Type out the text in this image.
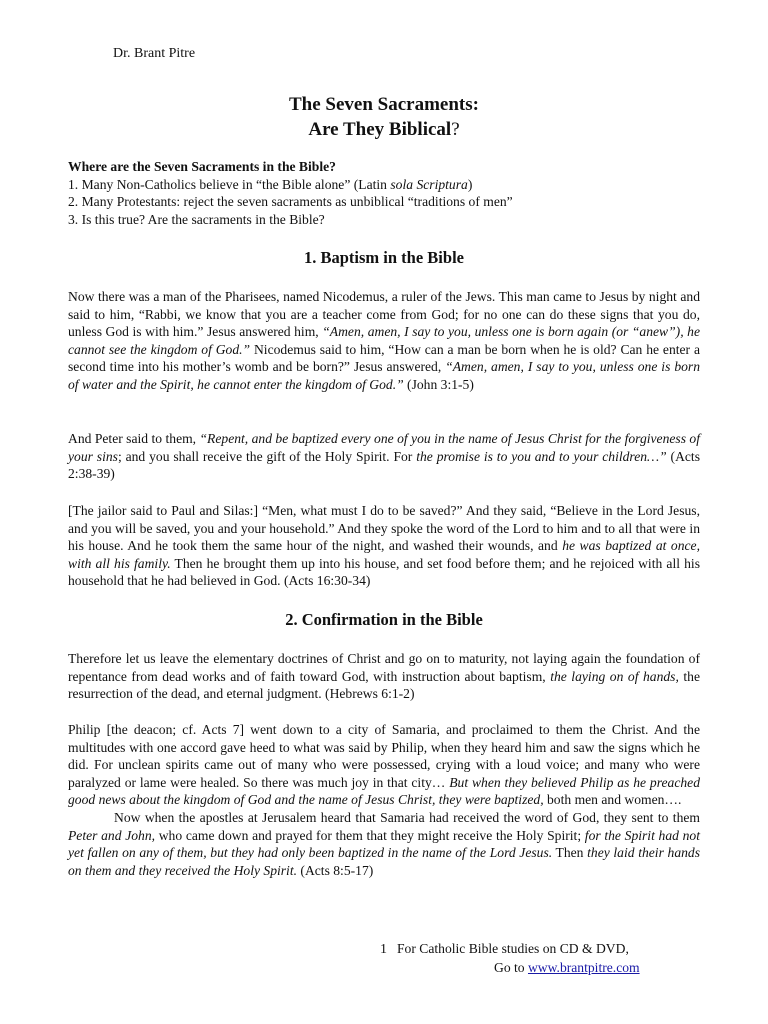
Dr. Brant Pitre
The Seven Sacraments:
Are They Biblical?
Where are the Seven Sacraments in the Bible?
1. Many Non-Catholics believe in “the Bible alone” (Latin sola Scriptura)
2. Many Protestants: reject the seven sacraments as unbiblical “traditions of men”
3. Is this true? Are the sacraments in the Bible?
1. Baptism in the Bible
Now there was a man of the Pharisees, named Nicodemus, a ruler of the Jews. This man came to Jesus by night and said to him, “Rabbi, we know that you are a teacher come from God; for no one can do these signs that you do, unless God is with him.” Jesus answered him, “Amen, amen, I say to you, unless one is born again (or “anew”), he cannot see the kingdom of God.” Nicodemus said to him, “How can a man be born when he is old? Can he enter a second time into his mother’s womb and be born?” Jesus answered, “Amen, amen, I say to you, unless one is born of water and the Spirit, he cannot enter the kingdom of God.” (John 3:1-5)
And Peter said to them, “Repent, and be baptized every one of you in the name of Jesus Christ for the forgiveness of your sins; and you shall receive the gift of the Holy Spirit. For the promise is to you and to your children…” (Acts 2:38-39)
[The jailor said to Paul and Silas:] “Men, what must I do to be saved?” And they said, “Believe in the Lord Jesus, and you will be saved, you and your household.” And they spoke the word of the Lord to him and to all that were in his house. And he took them the same hour of the night, and washed their wounds, and he was baptized at once, with all his family. Then he brought them up into his house, and set food before them; and he rejoiced with all his household that he had believed in God. (Acts 16:30-34)
2. Confirmation in the Bible
Therefore let us leave the elementary doctrines of Christ and go on to maturity, not laying again the foundation of repentance from dead works and of faith toward God, with instruction about baptism, the laying on of hands, the resurrection of the dead, and eternal judgment. (Hebrews 6:1-2)
Philip [the deacon; cf. Acts 7] went down to a city of Samaria, and proclaimed to them the Christ. And the multitudes with one accord gave heed to what was said by Philip, when they heard him and saw the signs which he did. For unclean spirits came out of many who were possessed, crying with a loud voice; and many who were paralyzed or lame were healed. So there was much joy in that city… But when they believed Philip as he preached good news about the kingdom of God and the name of Jesus Christ, they were baptized, both men and women….
Now when the apostles at Jerusalem heard that Samaria had received the word of God, they sent to them Peter and John, who came down and prayed for them that they might receive the Holy Spirit; for the Spirit had not yet fallen on any of them, but they had only been baptized in the name of the Lord Jesus. Then they laid their hands on them and they received the Holy Spirit. (Acts 8:5-17)
1 For Catholic Bible studies on CD & DVD,
Go to www.brantpitre.com
